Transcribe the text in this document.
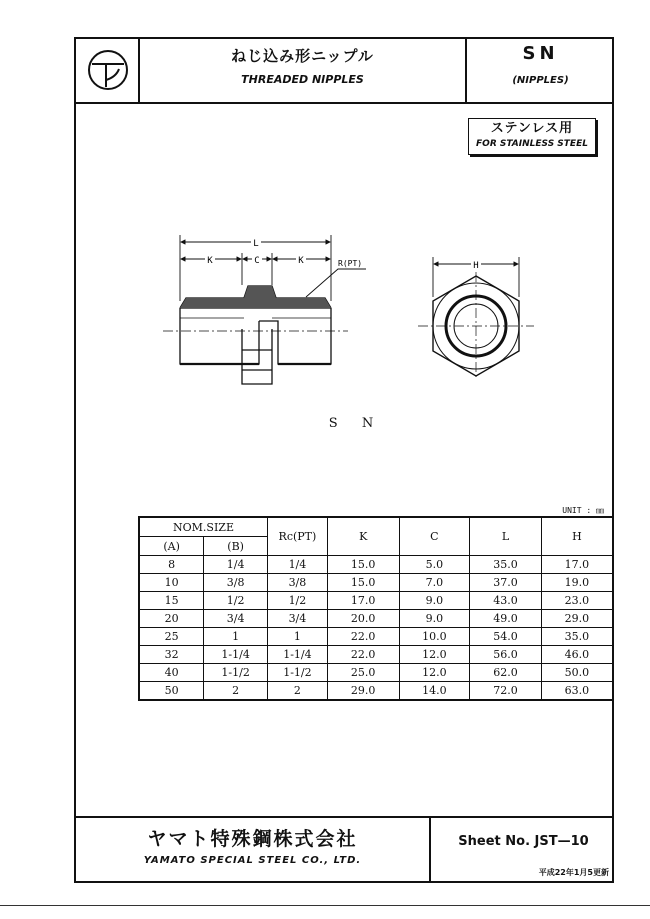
ねじ込み形ニップル
THREADED NIPPLES
SN
(NIPPLES)
ステンレス用
FOR STAINLESS STEEL
L
K	C	K	R(PT)	H
S N
UNIT : ㎜
NOM.SIZE		Rc(PT)	K	C	L	H
(A)	(B)					
8	1/4	1/4	15.0	5.0	35.0	17.0
10	3/8	3/8	15.0	7.0	37.0	19.0
15	1/2	1/2	17.0	9.0	43.0	23.0
20	3/4	3/4	20.0	9.0	49.0	29.0
25	1	1	22.0	10.0	54.0	35.0
32	1-1/4	1-1/4	22.0	12.0	56.0	46.0
40	1-1/2	1-1/2	25.0	12.0	62.0	50.0
50	2	2	29.0	14.0	72.0	63.0
ヤマト特殊鋼株式会社
YAMATO SPECIAL STEEL CO., LTD.
Sheet No. JST—10
平成22年1月5更新
